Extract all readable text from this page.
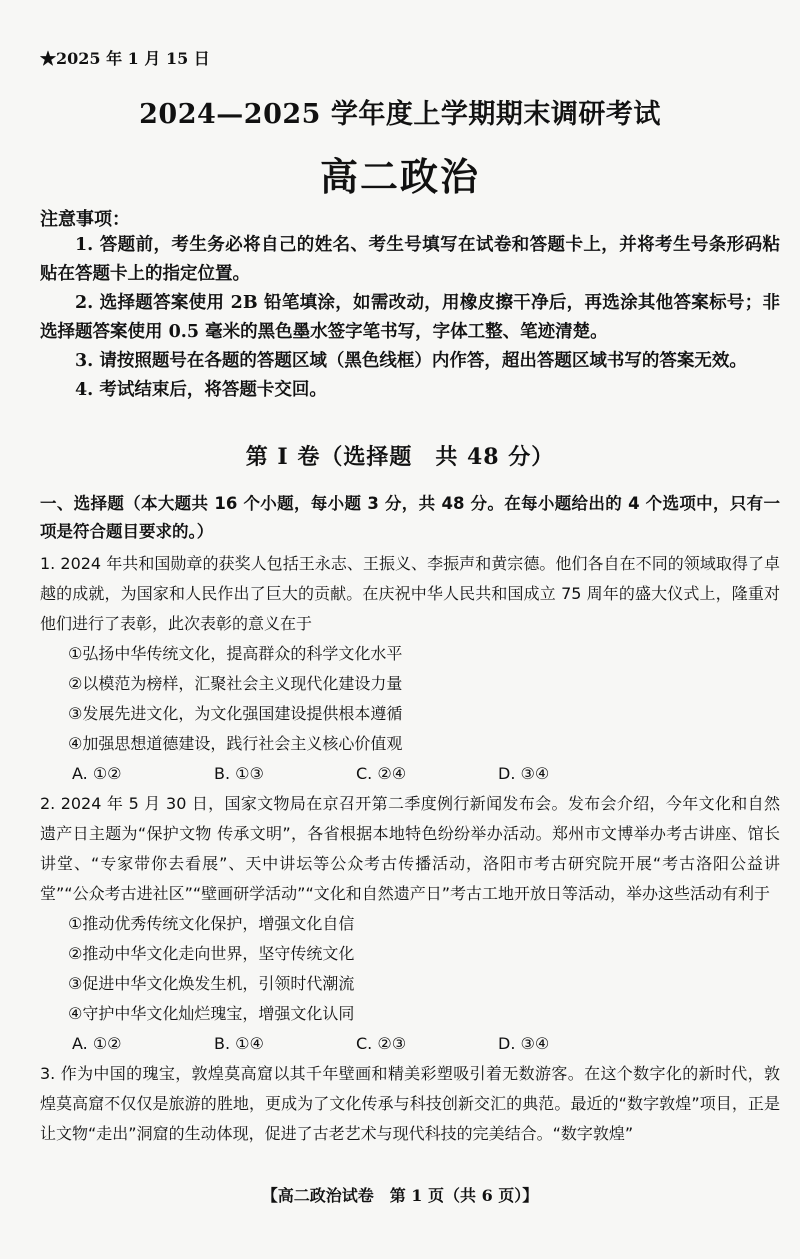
★2025 年 1 月 15 日
2024—2025 学年度上学期期末调研考试
高二政治
注意事项：

1. 答题前，考生务必将自己的姓名、考生号填写在试卷和答题卡上，并将考生号条形码粘贴在答题卡上的指定位置。

2. 选择题答案使用 2B 铅笔填涂，如需改动，用橡皮擦干净后，再选涂其他答案标号；非选择题答案使用 0.5 毫米的黑色墨水签字笔书写，字体工整、笔迹清楚。

3. 请按照题号在各题的答题区域（黑色线框）内作答，超出答题区域书写的答案无效。

4. 考试结束后，将答题卡交回。

第 I 卷（选择题　共 48 分）
一、选择题（本大题共 16 个小题，每小题 3 分，共 48 分。在每小题给出的 4 个选项中，只有一项是符合题目要求的。）

1. 2024 年共和国勋章的获奖人包括王永志、王振义、李振声和黄宗德。他们各自在不同的领域取得了卓越的成就，为国家和人民作出了巨大的贡献。在庆祝中华人民共和国成立 75 周年的盛大仪式上，隆重对他们进行了表彰，此次表彰的意义在于

①弘扬中华传统文化，提高群众的科学文化水平

②以模范为榜样，汇聚社会主义现代化建设力量

③发展先进文化，为文化强国建设提供根本遵循

④加强思想道德建设，践行社会主义核心价值观

A. ①②	B. ①③	C. ②④	D. ③④

2. 2024 年 5 月 30 日，国家文物局在京召开第二季度例行新闻发布会。发布会介绍，今年文化和自然遗产日主题为“保护文物 传承文明”，各省根据本地特色纷纷举办活动。郑州市文博举办考古讲座、馆长讲堂、“专家带你去看展”、天中讲坛等公众考古传播活动，洛阳市考古研究院开展“考古洛阳公益讲堂”“公众考古进社区”“壁画研学活动”“文化和自然遗产日”考古工地开放日等活动，举办这些活动有利于

①推动优秀传统文化保护，增强文化自信

②推动中华文化走向世界，坚守传统文化

③促进中华文化焕发生机，引领时代潮流

④守护中华文化灿烂瑰宝，增强文化认同

A. ①②	B. ①④	C. ②③	D. ③④

3. 作为中国的瑰宝，敦煌莫高窟以其千年壁画和精美彩塑吸引着无数游客。在这个数字化的新时代，敦煌莫高窟不仅仅是旅游的胜地，更成为了文化传承与科技创新交汇的典范。最近的“数字敦煌”项目，正是让文物“走出”洞窟的生动体现，促进了古老艺术与现代科技的完美结合。“数字敦煌”

【高二政治试卷　第 1 页（共 6 页）】
